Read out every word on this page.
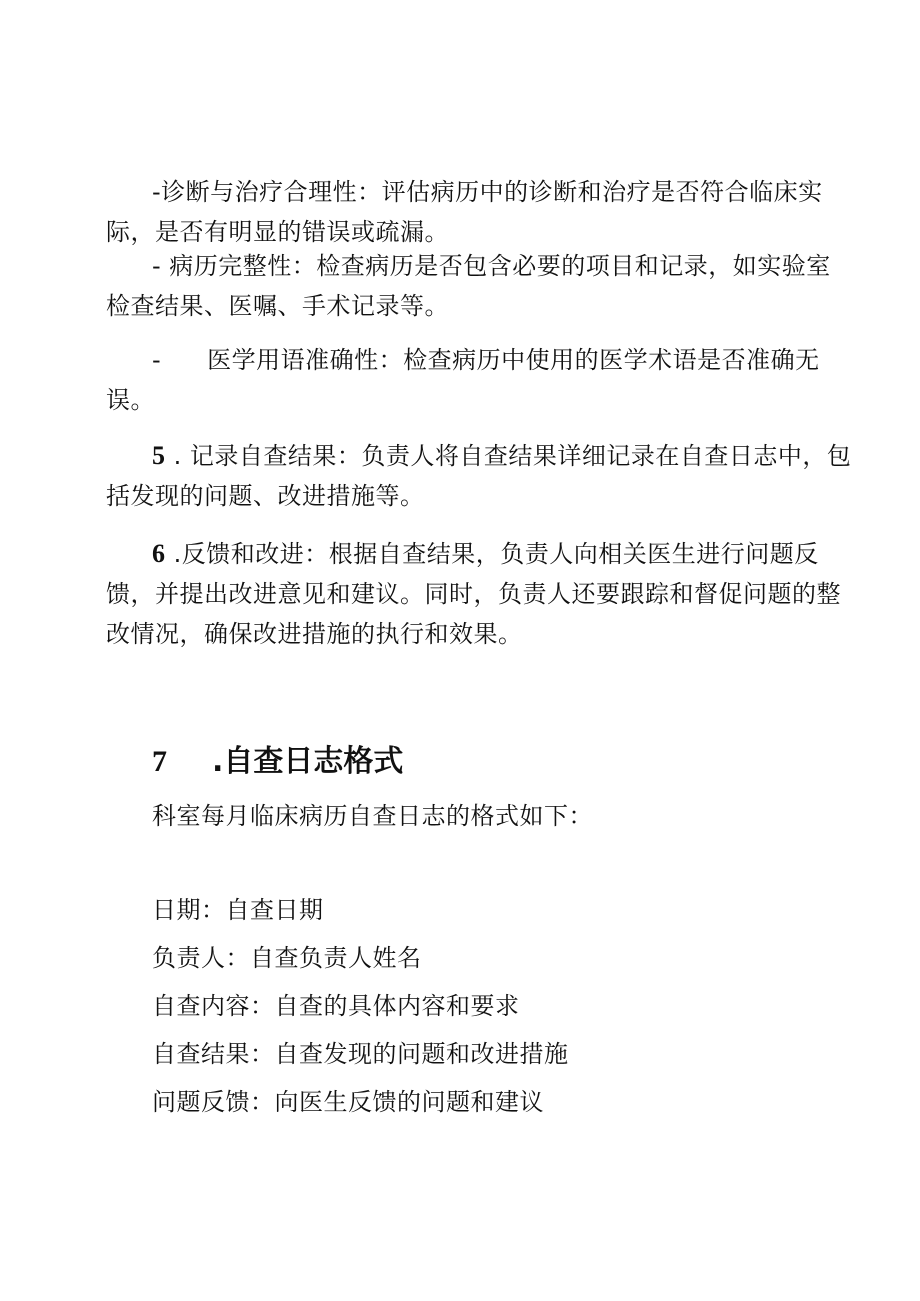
-诊断与治疗合理性：评估病历中的诊断和治疗是否符合临床实
际，是否有明显的错误或疏漏。

- 病历完整性：检查病历是否包含必要的项目和记录，如实验室
检查结果、医嘱、手术记录等。

- 医学用语准确性：检查病历中使用的医学术语是否准确无
误。

5 . 记录自查结果：负责人将自查结果详细记录在自查日志中，包
括发现的问题、改进措施等。

6 .反馈和改进：根据自查结果，负责人向相关医生进行问题反
馈，并提出改进意见和建议。同时，负责人还要跟踪和督促问题的整
改情况，确保改进措施的执行和效果。

7 .自查日志格式

科室每月临床病历自查日志的格式如下：

日期：自查日期

负责人：自查负责人姓名

自查内容：自查的具体内容和要求

自查结果：自查发现的问题和改进措施

问题反馈：向医生反馈的问题和建议
